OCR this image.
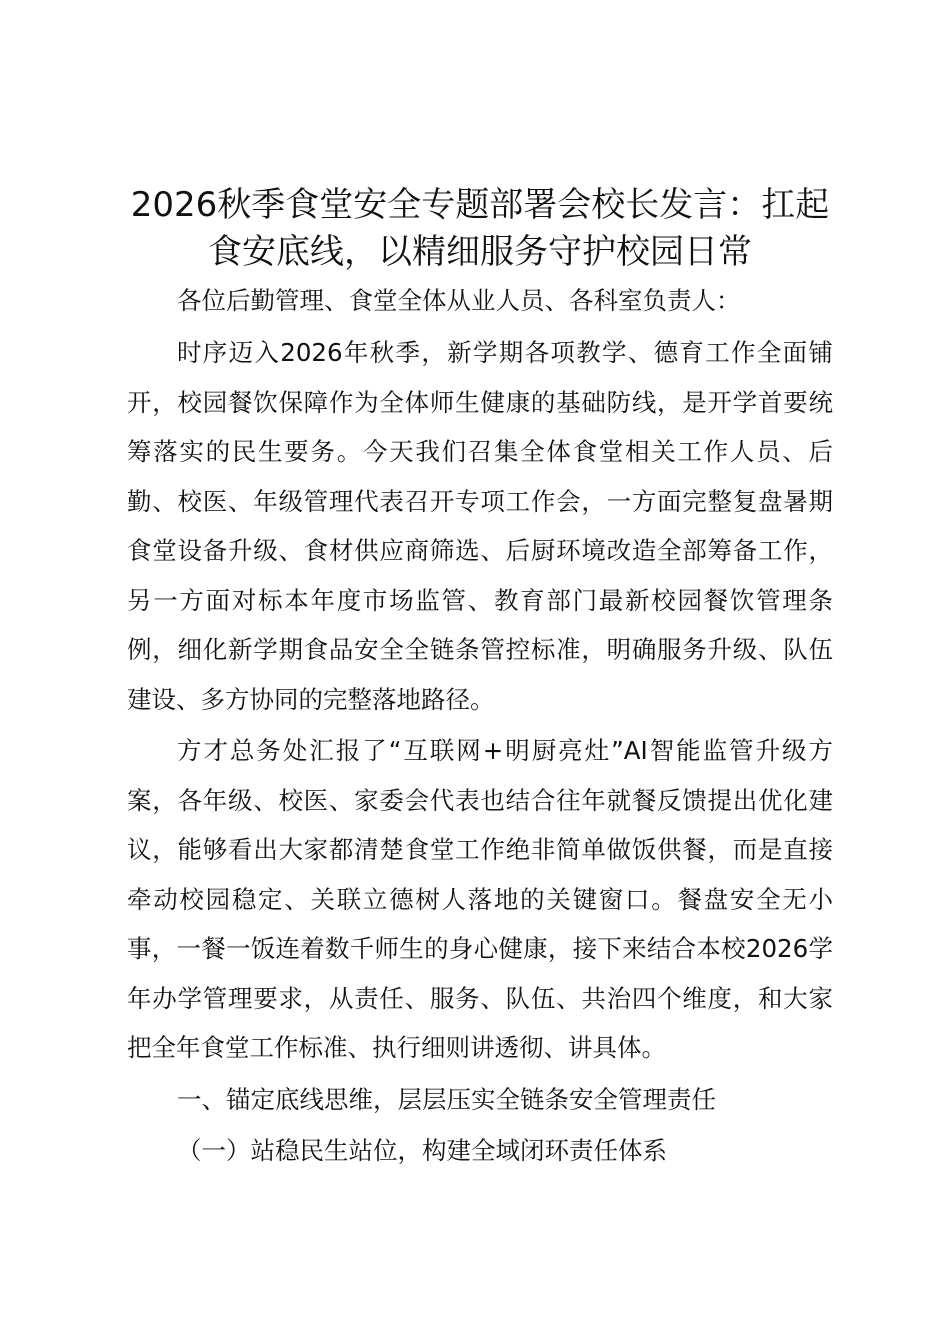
2026秋季食堂安全专题部署会校长发言：扛起食安底线，以精细服务守护校园日常

各位后勤管理、食堂全体从业人员、各科室负责人：

时序迈入2026年秋季，新学期各项教学、德育工作全面铺开，校园餐饮保障作为全体师生健康的基础防线，是开学首要统筹落实的民生要务。今天我们召集全体食堂相关工作人员、后勤、校医、年级管理代表召开专项工作会，一方面完整复盘暑期食堂设备升级、食材供应商筛选、后厨环境改造全部筹备工作，另一方面对标本年度市场监管、教育部门最新校园餐饮管理条例，细化新学期食品安全全链条管控标准，明确服务升级、队伍建设、多方协同的完整落地路径。

方才总务处汇报了“互联网+明厨亮灶”AI智能监管升级方案，各年级、校医、家委会代表也结合往年就餐反馈提出优化建议，能够看出大家都清楚食堂工作绝非简单做饭供餐，而是直接牵动校园稳定、关联立德树人落地的关键窗口。餐盘安全无小事，一餐一饭连着数千师生的身心健康，接下来结合本校2026学年办学管理要求，从责任、服务、队伍、共治四个维度，和大家把全年食堂工作标准、执行细则讲透彻、讲具体。

一、锚定底线思维，层层压实全链条安全管理责任

（一）站稳民生站位，构建全域闭环责任体系
